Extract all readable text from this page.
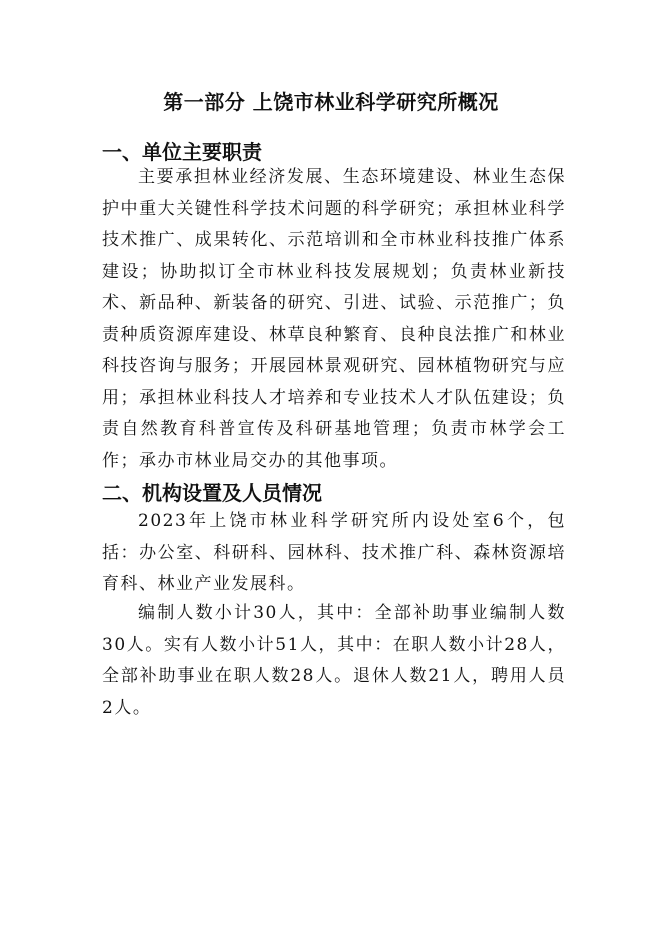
第一部分 上饶市林业科学研究所概况
一、单位主要职责

主要承担林业经济发展、生态环境建设、林业生态保护中重大关键性科学技术问题的科学研究；承担林业科学技术推广、成果转化、示范培训和全市林业科技推广体系建设；协助拟订全市林业科技发展规划；负责林业新技术、新品种、新装备的研究、引进、试验、示范推广；负责种质资源库建设、林草良种繁育、良种良法推广和林业科技咨询与服务；开展园林景观研究、园林植物研究与应用；承担林业科技人才培养和专业技术人才队伍建设；负责自然教育科普宣传及科研基地管理；负责市林学会工作；承办市林业局交办的其他事项。

二、机构设置及人员情况

2023年上饶市林业科学研究所内设处室6个，包括：办公室、科研科、园林科、技术推广科、森林资源培育科、林业产业发展科。

编制人数小计30人，其中：全部补助事业编制人数30人。实有人数小计51人，其中：在职人数小计28人，全部补助事业在职人数28人。退休人数21人，聘用人员2人。
